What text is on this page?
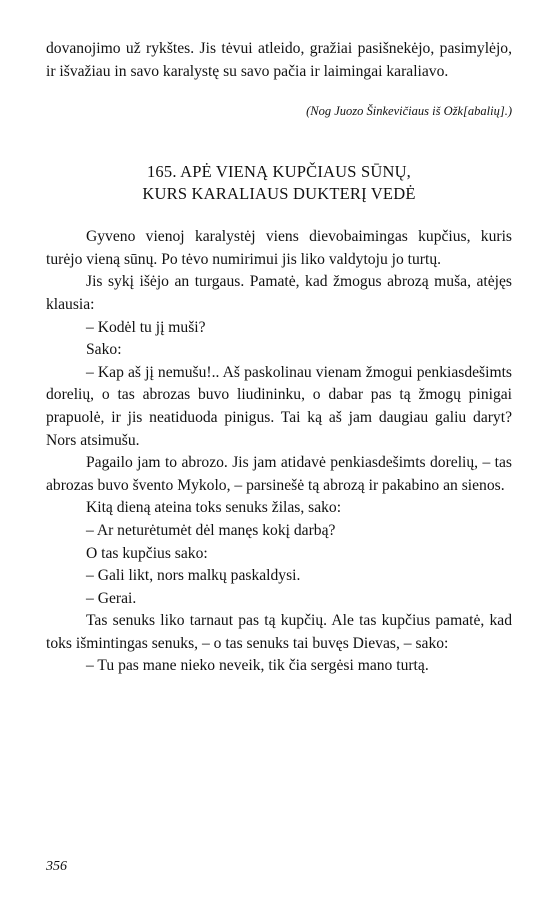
dovanojimo už rykštes. Jis tėvui atleido, gražiai pasišnekėjo, pasimylėjo, ir išvažiau in savo karalystę su savo pačia ir laimingai karaliavo.

(Nog Juozo Šinkevičiaus iš Ožk[abalių].)

165. APĖ VIENĄ KUPČIAUS SŪNŲ,
KURS KARALIAUS DUKTERĮ VEDĖ

Gyveno vienoj karalystėj viens dievobaimingas kupčius, kuris turėjo vieną sūnų. Po tėvo numirimui jis liko valdytoju jo turtų.

Jis sykį išėjo an turgaus. Pamatė, kad žmogus abrozą muša, atėjęs klausia:

– Kodėl tu jį muši?

Sako:

– Kap aš jį nemušu!.. Aš paskolinau vienam žmogui penkiasdešimts dorelių, o tas abrozas buvo liudininku, o dabar pas tą žmogų pinigai prapuolė, ir jis neatiduoda pinigus. Tai ką aš jam daugiau galiu daryt? Nors atsimušu.

Pagailo jam to abrozo. Jis jam atidavė penkiasdešimts dorelių, – tas abrozas buvo švento Mykolo, – parsinešė tą abrozą ir pakabino an sienos.

Kitą dieną ateina toks senuks žilas, sako:

– Ar neturėtumėt dėl manęs kokį darbą?

O tas kupčius sako:

– Gali likt, nors malkų paskaldysi.

– Gerai.

Tas senuks liko tarnaut pas tą kupčių. Ale tas kupčius pamatė, kad toks išmintingas senuks, – o tas senuks tai buvęs Dievas, – sako:

– Tu pas mane nieko neveik, tik čia sergėsi mano turtą.

356
